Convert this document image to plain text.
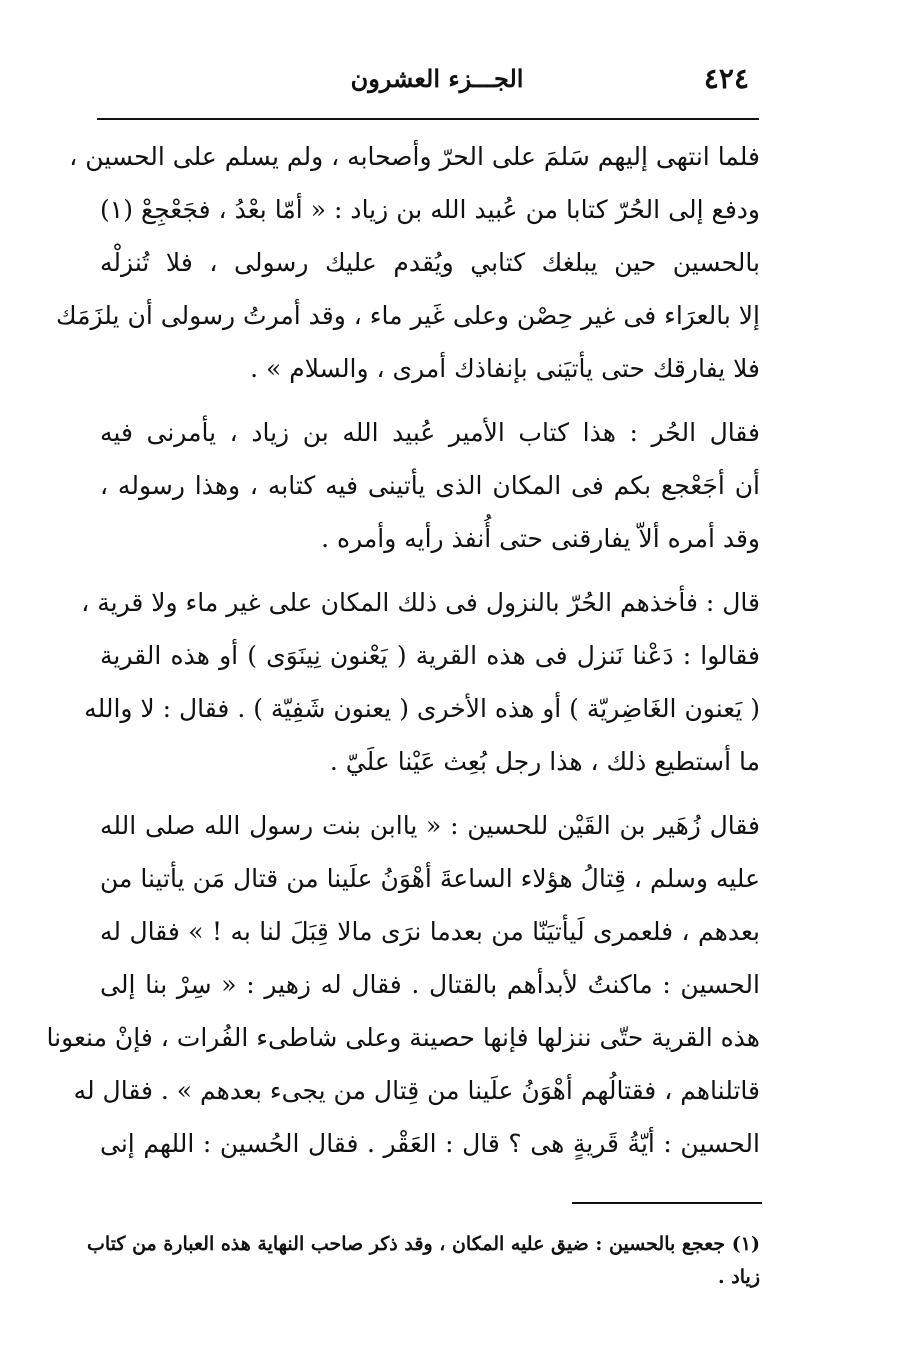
٤٢٤
الجـــزء العشرون
فلما انتهى إليهم سَلمَ على الحرّ وأصحابه ، ولم يسلم على الحسين ،
ودفع إلى الحُرّ كتابا من عُبيد الله بن زياد : « أمّا بعْدُ ، فجَعْجِعْ (١)
بالحسين حين يبلغك كتابي ويُقدم عليك رسولى ، فلا تُنزلْه
إلا بالعرَاء فى غير حِصْن وعلى غَير ماء ، وقد أمرتُ رسولى أن يلزَمَك
فلا يفارقك حتى يأتيَنى بإنفاذك أمرى ، والسلام » .
فقال الحُر : هذا كتاب الأمير عُبيد الله بن زياد ، يأمرنى فيه
أن أجَعْجع بكم فى المكان الذى يأتينى فيه كتابه ، وهذا رسوله ،
وقد أمره ألاّ يفارقنى حتى أُنفذ رأيه وأمره .
قال : فأخذهم الحُرّ بالنزول فى ذلك المكان على غير ماء ولا قرية ،
فقالوا : دَعْنا نَنزل فى هذه القرية ( يَعْنون نِينَوَى ) أو هذه القرية
( يَعنون الغَاضِريّة ) أو هذه الأخرى ( يعنون شَفِيّة ) . فقال : لا والله
ما أستطيع ذلك ، هذا رجل بُعِث عَيْنا علَيّ .
فقال زُهَير بن القَيْن للحسين : « ياابن بنت رسول الله صلى الله
عليه وسلم ، قِتالُ هؤلاء الساعةَ أهْوَنُ علَينا من قتال مَن يأتينا من
بعدهم ، فلعمرى لَيأتيَنّا من بعدما نرَى مالا قِبَلَ لنا به ! » فقال له
الحسين : ماكنتُ لأبدأهم بالقتال . فقال له زهير : « سِرْ بنا إلى
هذه القرية حتّى ننزلها فإنها حصينة وعلى شاطىء الفُرات ، فإنْ منعونا
قاتلناهم ، فقتالُهم أهْوَنُ علَينا من قِتال من يجىء بعدهم » . فقال له
الحسين : أيّةُ قَريةٍ هى ؟ قال : العَقْر . فقال الحُسين : اللهم إنى
(١) جعجع بالحسين : ضيق عليه المكان ، وقد ذكر صاحب النهاية هذه العبارة من كتاب
زياد .
